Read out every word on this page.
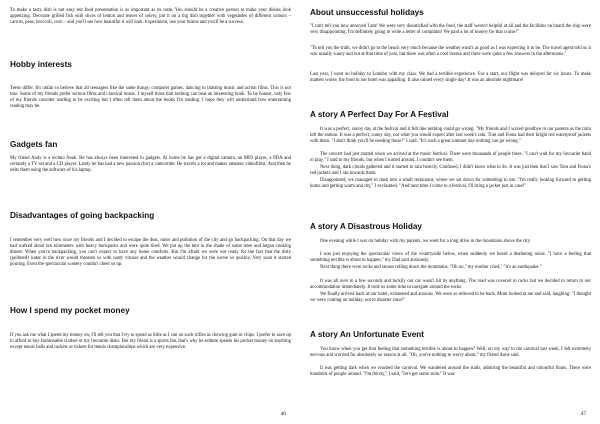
To make a tasty dish is not easy but food presentation is as important as its taste. You should be a creative person to make your dishes look appetizing. Decorate grilled fish with slices of lemon and leaves of celery, put it on a big dish together with vegetables of different colours – carrots, peas, broccoli, corn – and you'll see how beautiful it will look. Experiment, use your brains and you'll be a success.

Hobby interests

Teens differ. It's unfair to believe that all teenagers like the same things: computer games, dancing to blasting music and action films. This is not true. Some of my friends prefer serious films and classical music. I myself think that nothing can beat an interesting book. To be honest, only few of my friends consider reading to be exciting but I often tell them about the books I'm reading. I hope they will understand how entertaining reading may be.

Gadgets fan

My friend Andy is a techno freak. He has always been interested in gadgets. At home he has got a digital camera, an MP3 player, a PDA and certainly a TV set and a CD player. Lately he has had a new passion (for) a camcorder. He travels a lot and makes amateur videofilms. And then he edits them using the software of his laptop.

Disadvantages of going backpacking

I remember very well how once my friends and I decided to escape the dust, noise and pollution of the city and go backpacking. On that day we had walked about ten kilometers with heavy backpacks and were quite tired. We put up the tent in the shade of some trees and began cooking dinner. When you're backpacking, you can't expect to have any home comforts. But I'm afraid we were not ready for the fact that the dirty (polluted) water in the river would threaten us with nasty viruses and the weather would change for the worse so quickly. Very soon it started pouring. Even the spectacular scenery couldn't cheer us up.

How I spend my pocket money

If you ask me what I spend my money on, I'll tell you that I try to spend as little as I can on such trifles as chewing gum or chips. I prefer to save up to afford to buy fashionable clothes or my favourite disks. But my friend is a sports fan, that's why he seldom spends his pocket money on anything except tennis balls and rackets or tickets for tennis championships which are very expensive.

46
About unsuccessful holidays

"I can't tell you how annoyed I am! We were very dissatisfied with the food, the staff weren't helpful at all and the facilities on board the ship were very disappointing. I'm definitely going to write a letter of complaint! We paid a lot of money for that cruise!"

"To tell you the truth, we didn't go to the beach very much because the weather wasn't as good as I was expecting it to be. The travel agent told us it was usually sunny and hot at that time of year, but there was often a cool breeze and there were quite a few showers in the afternoons."

Last year, I went on holiday to London with my class. We had a terrible experience. For a start, our flight was delayed for six hours. To make matters worse, the food in our hotel was appalling. It also rained every single day! It was an absolute nightmare!

A story A Perfect Day For A Festival

It was a perfect, sunny day at the festival and it felt like nothing could go wrong. "My friends and I waved goodbye to our parents as the train left the station. It was a perfect, sunny day, not what you would expect after last week's rain. Tom and Fiona had their bright red waterproof jackets with them. "I don't think you'll be needing those!" I said. "It's such a great summer day nothing can go wrong."

The concert had just started when we arrived at the music festival. There were thousands of people there. "I can't wait for my favourite band to play," I said to my friends, but when I turned around, I couldn't see them.

Next thing, dark clouds gathered and it started to rain heavily. Confused, I didn't know what to do. It was just then that I saw Tom and Fiona's red jackets and I ran towards them.

Disappointed, we managed to dash into a small restaurant, where we sat down for something to eat. "I'm really looking forward to getting home and getting warm and dry," I exclaimed. "And next time I come to a festival, I'll bring a jacket just in case!"

A story A Disastrous Holiday

One evening while I was on holiday with my parents, we went for a long drive in the mountains above the city.

I was just enjoying the spectacular views of the countryside below, when suddenly we heard a deafening noise. "I have a feeling that something terrible is about to happen," my Dad said anxiously.

Next thing there were rocks and stones rolling down the mountains. "Oh no," my mother cried," "it's an earthquake."

It was all over in a few seconds and luckily our car wasn't hit by anything. The road was covered in rocks but we decided to return to our accommodation immediately. It took us some time to navigate around the rocks.

We finally arrived back at our hotel, exhausted and anxious. We were so relieved to be back. Mum looked at me and said, laughing: "I thought we were coming on holiday, not to disaster zone!"

A story An Unfortunate Event

You know when you get that feeling that something terrible is about to happen? Well, on my way to the carnival last week, I felt extremely nervous and worried for absolutely no reason at all. "Oh, you're nothing to worry about," my friend Anne said.

It was getting dark when we reached the carnival. We wandered around the stalls, admiring the beautiful and colourful floats. There were hundreds of people around. "I'm thirsty," I said, "let's get some soda." It was

47
